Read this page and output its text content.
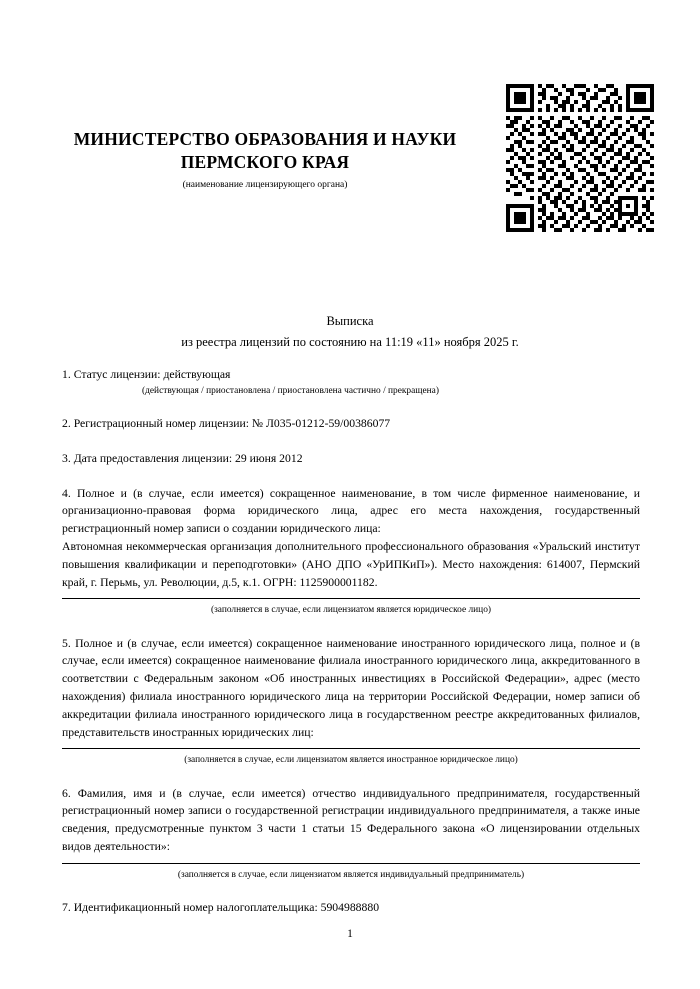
МИНИСТЕРСТВО ОБРАЗОВАНИЯ И НАУКИ ПЕРМСКОГО КРАЯ
(наименование лицензирующего органа)
Выписка
из реестра лицензий по состоянию на 11:19 «11» ноября 2025 г.

1. Статус лицензии: действующая

(действующая / приостановлена / приостановлена частично / прекращена)

2. Регистрационный номер лицензии: № Л035-01212-59/00386077

3. Дата предоставления лицензии: 29 июня 2012

4. Полное и (в случае, если имеется) сокращенное наименование, в том числе фирменное наименование, и организационно-правовая форма юридического лица, адрес его места нахождения, государственный регистрационный номер записи о создании юридического лица:

Автономная некоммерческая организация дополнительного профессионального образования «Уральский институт повышения квалификации и переподготовки» (АНО ДПО «УрИПКиП»). Место нахождения: 614007, Пермский край, г. Перьмь, ул. Революции, д.5, к.1. ОГРН: 1125900001182.

(заполняется в случае, если лицензиатом является юридическое лицо)

5. Полное и (в случае, если имеется) сокращенное наименование иностранного юридического лица, полное и (в случае, если имеется) сокращенное наименование филиала иностранного юридического лица, аккредитованного в соответствии с Федеральным законом «Об иностранных инвестициях в Российской Федерации», адрес (место нахождения) филиала иностранного юридического лица на территории Российской Федерации, номер записи об аккредитации филиала иностранного юридического лица в государственном реестре аккредитованных филиалов, представительств иностранных юридических лиц:

(заполняется в случае, если лицензиатом является иностранное юридическое лицо)

6. Фамилия, имя и (в случае, если имеется) отчество индивидуального предпринимателя, государственный регистрационный номер записи о государственной регистрации индивидуального предпринимателя, а также иные сведения, предусмотренные пунктом 3 части 1 статьи 15 Федерального закона «О лицензировании отдельных видов деятельности»:

(заполняется в случае, если лицензиатом является индивидуальный предприниматель)

7. Идентификационный номер налогоплательщика: 5904988880

1
